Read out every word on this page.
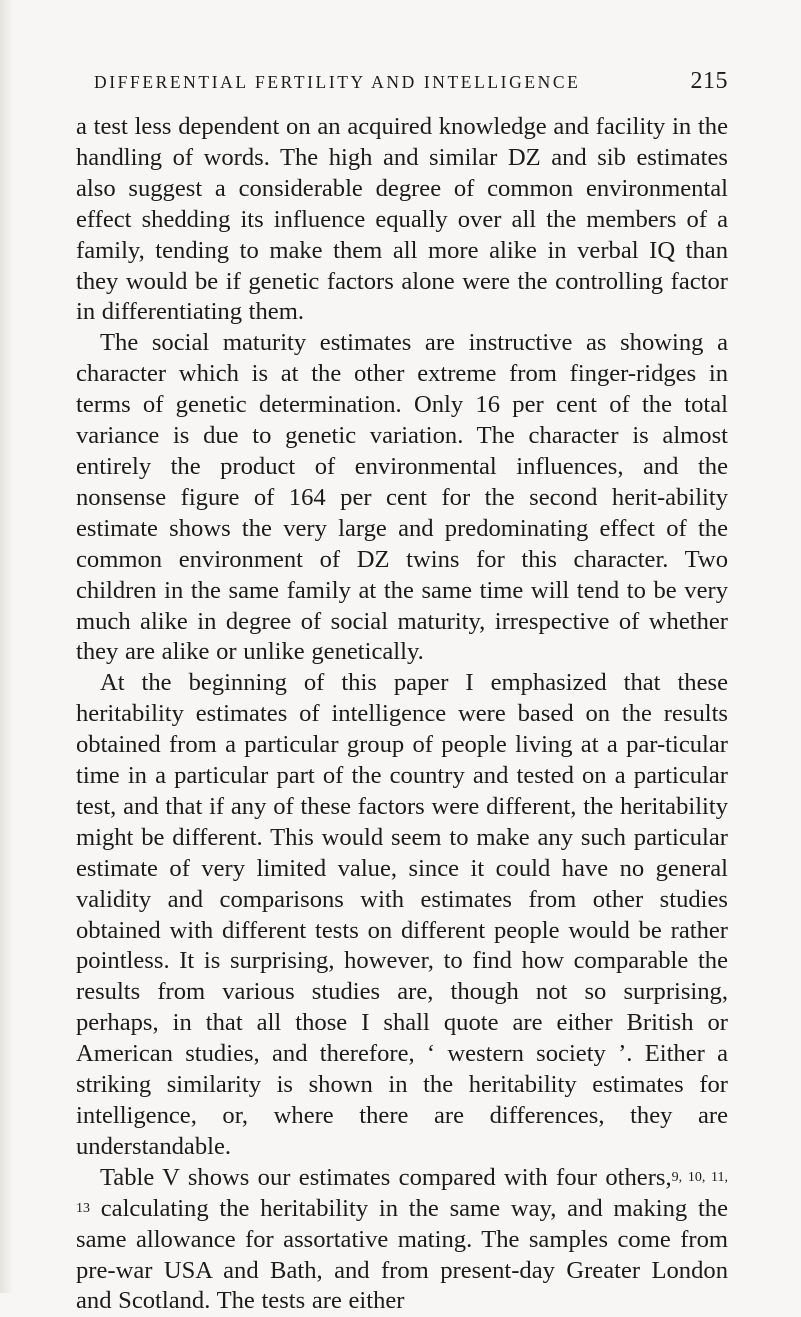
DIFFERENTIAL FERTILITY AND INTELLIGENCE	215

a test less dependent on an acquired knowledge and facility in the handling of words. The high and similar DZ and sib estimates also suggest a considerable degree of common environmental effect shedding its influence equally over all the members of a family, tending to make them all more alike in verbal IQ than they would be if genetic factors alone were the controlling factor in differentiating them.

The social maturity estimates are instructive as showing a character which is at the other extreme from finger-ridges in terms of genetic determination. Only 16 per cent of the total variance is due to genetic variation. The character is almost entirely the product of environmental influences, and the nonsense figure of 164 per cent for the second herit-ability estimate shows the very large and predominating effect of the common environment of DZ twins for this character. Two children in the same family at the same time will tend to be very much alike in degree of social maturity, irrespective of whether they are alike or unlike genetically.

At the beginning of this paper I emphasized that these heritability estimates of intelligence were based on the results obtained from a particular group of people living at a par-ticular time in a particular part of the country and tested on a particular test, and that if any of these factors were different, the heritability might be different. This would seem to make any such particular estimate of very limited value, since it could have no general validity and comparisons with estimates from other studies obtained with different tests on different people would be rather pointless. It is surprising, however, to find how comparable the results from various studies are, though not so surprising, perhaps, in that all those I shall quote are either British or American studies, and therefore, ‘ western society ’. Either a striking similarity is shown in the heritability estimates for intelligence, or, where there are differences, they are understandable.

Table V shows our estimates compared with four others,$^{9, 10, 11, 13}$ calculating the heritability in the same way, and making the same allowance for assortative mating. The samples come from pre-war USA and Bath, and from present-day Greater London and Scotland. The tests are either
